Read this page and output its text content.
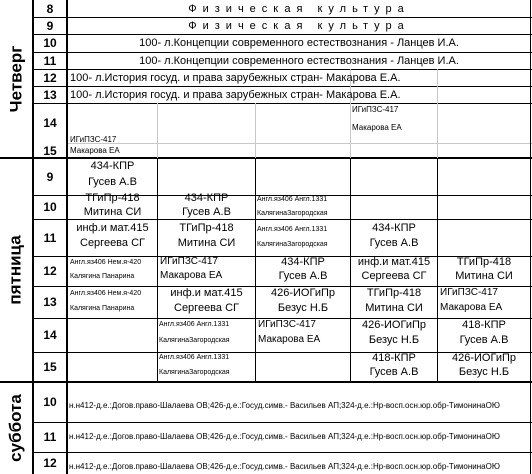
Четверг
пятница
суббота
8
9
10
11
12
13
14
15
9
10
11
12
13
14
15
10
11
12
Физическая культура
Физическая культура
100- л.Концепции современного естествознания - Ланцев И.А.
100- л.Концепции современного естествознания - Ланцев И.А.
100- л.История госуд. и права зарубежных стран- Макарова Е.А.
100- л.История госуд. и права зарубежных стран- Макарова Е.А.
ИГиПЗС-417
Макарова ЕА
ИГиПЗС-417
Макарова ЕА
434-КПР
Гусев А.В
ТГиПр-418
Митина СИ
434-КПР
Гусев А.В
Англ.яз406 Англ.1331
КалягинаЗагородская
инф.и мат.415
Сергеева СГ
ТГиПр-418
Митина СИ
Англ.яз406 Англ.1331
КалягинаЗагородская
434-КПР
Гусев А.В
Англ.яз406 Нем.я-420
Калягина Панарина
ИГиПЗС-417
Макарова ЕА
434-КПР
Гусев А.В
инф.и мат.415
Сергеева СГ
ТГиПр-418
Митина СИ
Англ.яз406 Нем.я-420
Калягина Панарина
инф.и мат.415
Сергеева СГ
426-ИОГиПр
Безус Н.Б
ТГиПр-418
Митина СИ
ИГиПЗС-417
Макарова ЕА
Англ.яз406 Англ.1331
КалягинаЗагородская
ИГиПЗС-417
Макарова ЕА
426-ИОГиПр
Безус Н.Б
418-КПР
Гусев А.В
Англ.яз406 Англ.1331
КалягинаЗагородская
418-КПР
Гусев А.В
426-ИОГиПр
Безус Н.Б
н.н412-д.е.:Догов.право-Шалаева ОВ;426-д.е.:Госуд.симв.- Васильев АП;324-д.е.:Нр-восп.осн.юр.обр-ТимонинаОЮ
н.н412-д.е.:Догов.право-Шалаева ОВ;426-д.е.:Госуд.симв.- Васильев АП;324-д.е.:Нр-восп.осн.юр.обр-ТимонинаОЮ
н.н412-д.е.:Догов.право-Шалаева ОВ;426-д.е.:Госуд.симв.- Васильев АП;324-д.е.:Нр-восп.осн.юр.обр-ТимонинаОЮ
